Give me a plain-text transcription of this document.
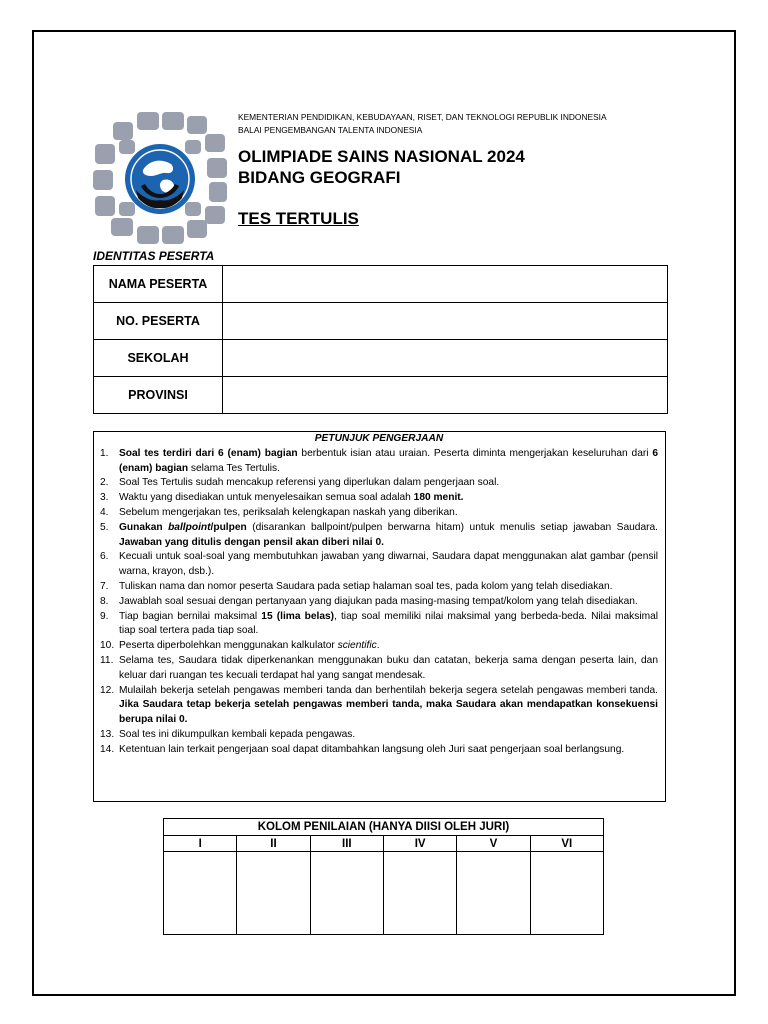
KEMENTERIAN PENDIDIKAN, KEBUDAYAAN, RISET, DAN TEKNOLOGI REPUBLIK INDONESIA
BALAI PENGEMBANGAN TALENTA INDONESIA
OLIMPIADE SAINS NASIONAL 2024
BIDANG GEOGRAFI
TES TERTULIS
IDENTITAS PESERTA
NAMA PESERTA	
NO. PESERTA	
SEKOLAH	
PROVINSI	
PETUNJUK PENGERJAAN
1.	Soal tes terdiri dari 6 (enam) bagian berbentuk isian atau uraian. Peserta diminta mengerjakan keseluruhan dari 6 (enam) bagian selama Tes Tertulis.
2.	Soal Tes Tertulis sudah mencakup referensi yang diperlukan dalam pengerjaan soal.
3.	Waktu yang disediakan untuk menyelesaikan semua soal adalah 180 menit.
4.	Sebelum mengerjakan tes, periksalah kelengkapan naskah yang diberikan.
5.	Gunakan ballpoint/pulpen (disarankan ballpoint/pulpen berwarna hitam) untuk menulis setiap jawaban Saudara. Jawaban yang ditulis dengan pensil akan diberi nilai 0.
6.	Kecuali untuk soal-soal yang membutuhkan jawaban yang diwarnai, Saudara dapat menggunakan alat gambar (pensil warna, krayon, dsb.).
7.	Tuliskan nama dan nomor peserta Saudara pada setiap halaman soal tes, pada kolom yang telah disediakan.
8.	Jawablah soal sesuai dengan pertanyaan yang diajukan pada masing-masing tempat/kolom yang telah disediakan.
9.	Tiap bagian bernilai maksimal 15 (lima belas), tiap soal memiliki nilai maksimal yang berbeda-beda. Nilai maksimal tiap soal tertera pada tiap soal.
10. Peserta diperbolehkan menggunakan kalkulator scientific.
11. Selama tes, Saudara tidak diperkenankan menggunakan buku dan catatan, bekerja sama dengan peserta lain, dan keluar dari ruangan tes kecuali terdapat hal yang sangat mendesak.
12. Mulailah bekerja setelah pengawas memberi tanda dan berhentilah bekerja segera setelah pengawas memberi tanda. Jika Saudara tetap bekerja setelah pengawas memberi tanda, maka Saudara akan mendapatkan konsekuensi berupa nilai 0.
13. Soal tes ini dikumpulkan kembali kepada pengawas.
14. Ketentuan lain terkait pengerjaan soal dapat ditambahkan langsung oleh Juri saat pengerjaan soal berlangsung.
KOLOM PENILAIAN (HANYA DIISI OLEH JURI)					
I	II	III	IV	V	VI
